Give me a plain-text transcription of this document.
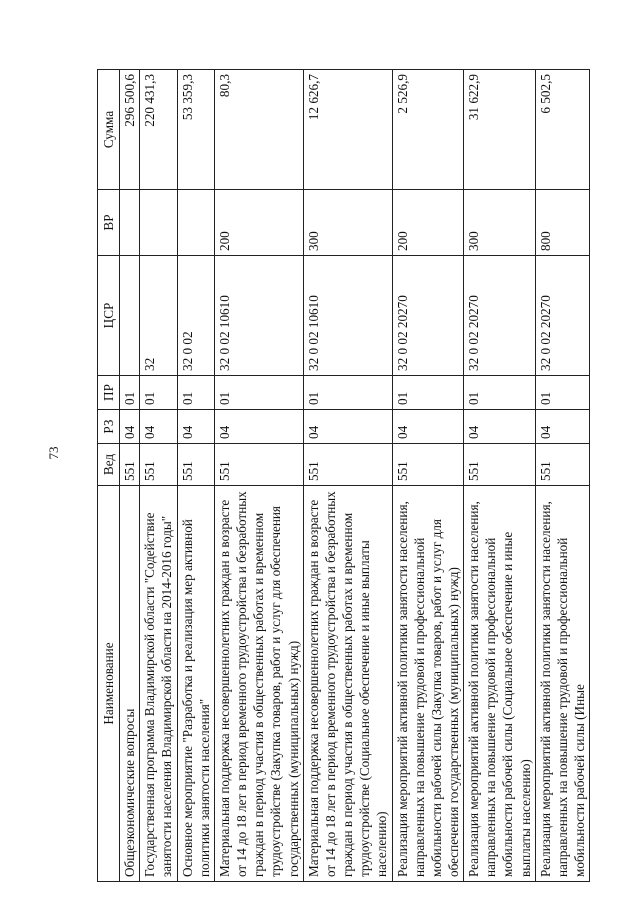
73
Наименование	Вед	РЗ	ПР	ЦСР	ВР	Сумма
Общеэкономические вопросы	551	04	01			296 500,6
Государственная программа Владимирской области "Содействие занятости населения Владимирской области на 2014-2016 годы"	551	04	01	32		220 431,3
Основное мероприятие "Разработка и реализация мер активной политики занятости населения"	551	04	01	32 0 02		53 359,3
Материальная поддержка несовершеннолетних граждан в возрасте от 14 до 18 лет в период временного трудоустройства и безработных граждан в период участия в общественных работах и временном трудоустройстве (Закупка товаров, работ и услуг для обеспечения государственных (муниципальных) нужд)	551	04	01	32 0 02 10610	200	80,3
Материальная поддержка несовершеннолетних граждан в возрасте от 14 до 18 лет в период временного трудоустройства и безработных граждан в период участия в общественных работах и временном трудоустройстве (Социальное обеспечение и иные выплаты населению)	551	04	01	32 0 02 10610	300	12 626,7
Реализация мероприятий активной политики занятости населения, направленных на повышение трудовой и профессиональной мобильности рабочей силы (Закупка товаров, работ и услуг для обеспечения государственных (муниципальных) нужд)	551	04	01	32 0 02 20270	200	2 526,9
Реализация мероприятий активной политики занятости населения, направленных на повышение трудовой и профессиональной мобильности рабочей силы (Социальное обеспечение и иные выплаты населению)	551	04	01	32 0 02 20270	300	31 622,9
Реализация мероприятий активной политики занятости населения, направленных на повышение трудовой и профессиональной мобильности рабочей силы (Иные	551	04	01	32 0 02 20270	800	6 502,5
